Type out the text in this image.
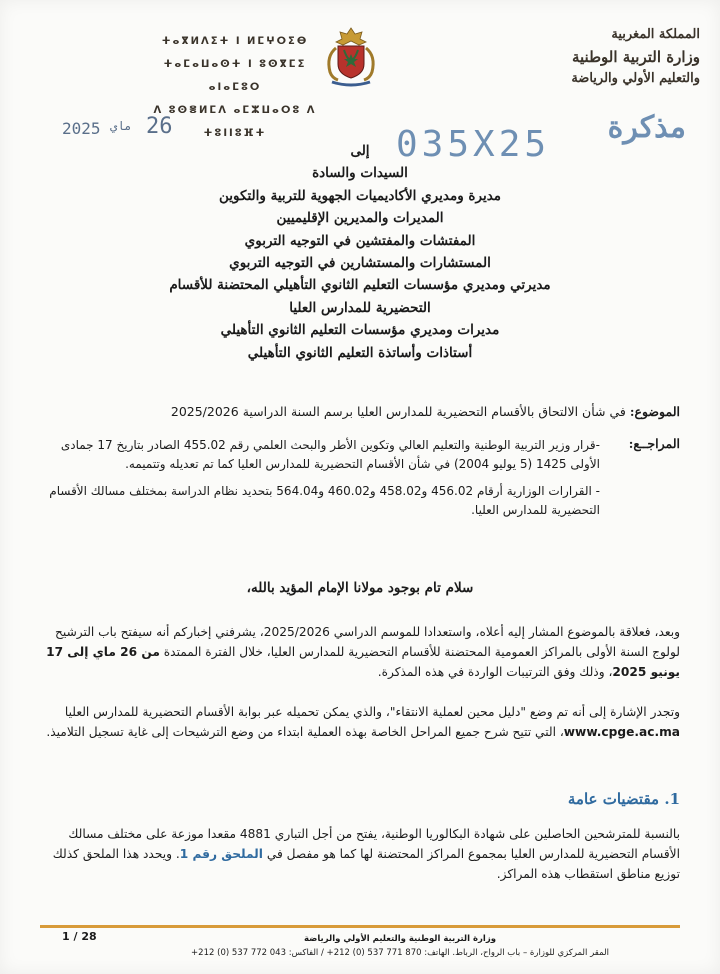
المملكة المغربية
وزارة التربية الوطنية
والتعليم الأولي والرياضة
ⵜⴰⴳⵍⴷⵉⵜ ⵏ ⵍⵎⵖⵔⵉⴱ
ⵜⴰⵎⴰⵡⴰⵙⵜ ⵏ ⵓⵙⴳⵎⵉ ⴰⵏⴰⵎⵓⵔ
ⴷ ⵓⵙⴻⵍⵎⴷ ⴰⵎⵣⵡⴰⵔⵓ ⴷ ⵜⵓⵏⵏⵓⴼⵜ
2025 ماي 26	035X25 مذكرة
إلى
السيدات والسادة
مديرة ومديري الأكاديميات الجهوية للتربية والتكوين
المديرات والمديرين الإقليميين
المفتشات والمفتشين في التوجيه التربوي
المستشارات والمستشارين في التوجيه التربوي
مديرتي ومديري مؤسسات التعليم الثانوي التأهيلي المحتضنة للأقسام
التحضيرية للمدارس العليا
مديرات ومديري مؤسسات التعليم الثانوي التأهيلي
أستاذات وأساتذة التعليم الثانوي التأهيلي
الموضوع: في شأن الالتحاق بالأقسام التحضيرية للمدارس العليا برسم السنة الدراسية 2025/2026
المراجــع:
-قرار وزير التربية الوطنية والتعليم العالي وتكوين الأطر والبحث العلمي رقم 455.02 الصادر بتاريخ 17 جمادى الأولى 1425 (5 يوليو 2004) في شأن الأقسام التحضيرية للمدارس العليا كما تم تعديله وتتميمه.
- القرارات الوزارية أرقام 456.02 و458.02 و460.02 و564.04 بتحديد نظام الدراسة بمختلف مسالك الأقسام التحضيرية للمدارس العليا.
سلام تام بوجود مولانا الإمام المؤيد بالله،
وبعد، فعلاقة بالموضوع المشار إليه أعلاه، واستعدادا للموسم الدراسي 2025/2026، يشرفني إخباركم أنه سيفتح باب الترشيح لولوج السنة الأولى بالمراكز العمومية المحتضنة للأقسام التحضيرية للمدارس العليا، خلال الفترة الممتدة من 26 ماي إلى 17 يونيو 2025، وذلك وفق الترتيبات الواردة في هذه المذكرة.
وتجدر الإشارة إلى أنه تم وضع "دليل محين لعملية الانتقاء"، والذي يمكن تحميله عبر بوابة الأقسام التحضيرية للمدارس العليا www.cpge.ac.ma، التي تتيح شرح جميع المراحل الخاصة بهذه العملية ابتداء من وضع الترشيحات إلى غاية تسجيل التلاميذ.
1. مقتضيات عامة
بالنسبة للمترشحين الحاصلين على شهادة البكالوريا الوطنية، يفتح من أجل التباري 4881 مقعدا موزعة على مختلف مسالك الأقسام التحضيرية للمدارس العليا بمجموع المراكز المحتضنة لها كما هو مفصل في الملحق رقم 1. ويحدد هذا الملحق كذلك توزيع مناطق استقطاب هذه المراكز.
1 / 28	وزارة التربية الوطنية والتعليم الأولي والرياضة
المقر المركزي للوزارة – باب الرواح، الرباط. الهاتف: 870 771 537 (0) 212+ / الفاكس: 043 772 537 (0) 212+
